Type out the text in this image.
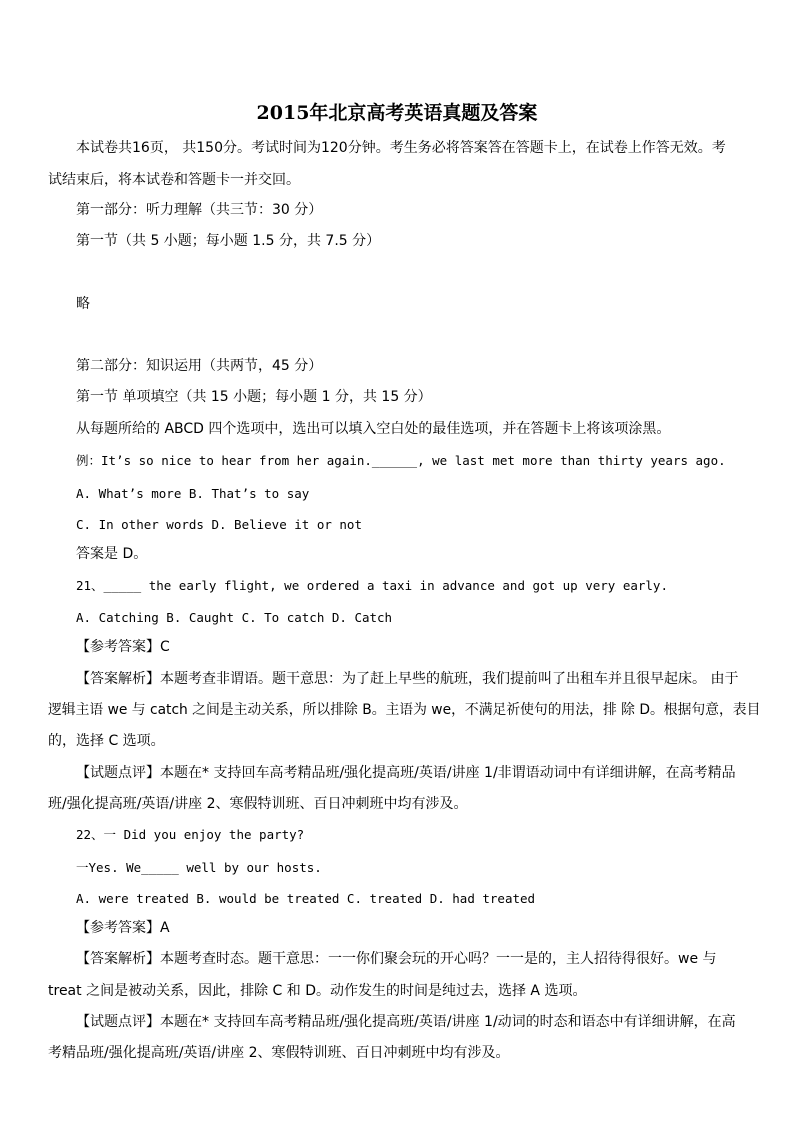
2015年北京高考英语真题及答案
本试卷共16页， 共150分。考试时间为120分钟。考生务必将答案答在答题卡上，在试卷上作答无效。考
试结束后，将本试卷和答题卡一并交回。
第一部分：听力理解（共三节：30 分）
第一节（共 5 小题；每小题 1.5 分，共 7.5 分）
略
第二部分：知识运用（共两节，45 分）
第一节 单项填空（共 15 小题；每小题 1 分，共 15 分）
从每题所给的 ABCD 四个选项中，选出可以填入空白处的最佳选项，并在答题卡上将该项涂黑。
例：It’s so nice to hear from her again.______, we last met more than thirty years ago.
A. What’s more B. That’s to say
C. In other words D. Believe it or not
答案是 D。
21、_____ the early flight, we ordered a taxi in advance and got up very early.
A. Catching B. Caught C. To catch D. Catch
【参考答案】C
【答案解析】本题考查非谓语。题干意思：为了赶上早些的航班，我们提前叫了出租车并且很早起床。 由于
逻辑主语 we 与 catch 之间是主动关系，所以排除 B。主语为 we，不满足祈使句的用法，排 除 D。根据句意，表目
的，选择 C 选项。
【试题点评】本题在* 支持回车高考精品班/强化提高班/英语/讲座 1/非谓语动词中有详细讲解，在高考精品
班/强化提高班/英语/讲座 2、寒假特训班、百日冲刺班中均有涉及。
22、一 Did you enjoy the party?
一Yes. We_____ well by our hosts.
A. were treated B. would be treated C. treated D. had treated
【参考答案】A
【答案解析】本题考查时态。题干意思：一一你们聚会玩的开心吗？一一是的，主人招待得很好。we 与
treat 之间是被动关系，因此，排除 C 和 D。动作发生的时间是纯过去，选择 A 选项。
【试题点评】本题在* 支持回车高考精品班/强化提高班/英语/讲座 1/动词的时态和语态中有详细讲解，在高
考精品班/强化提高班/英语/讲座 2、寒假特训班、百日冲刺班中均有涉及。
